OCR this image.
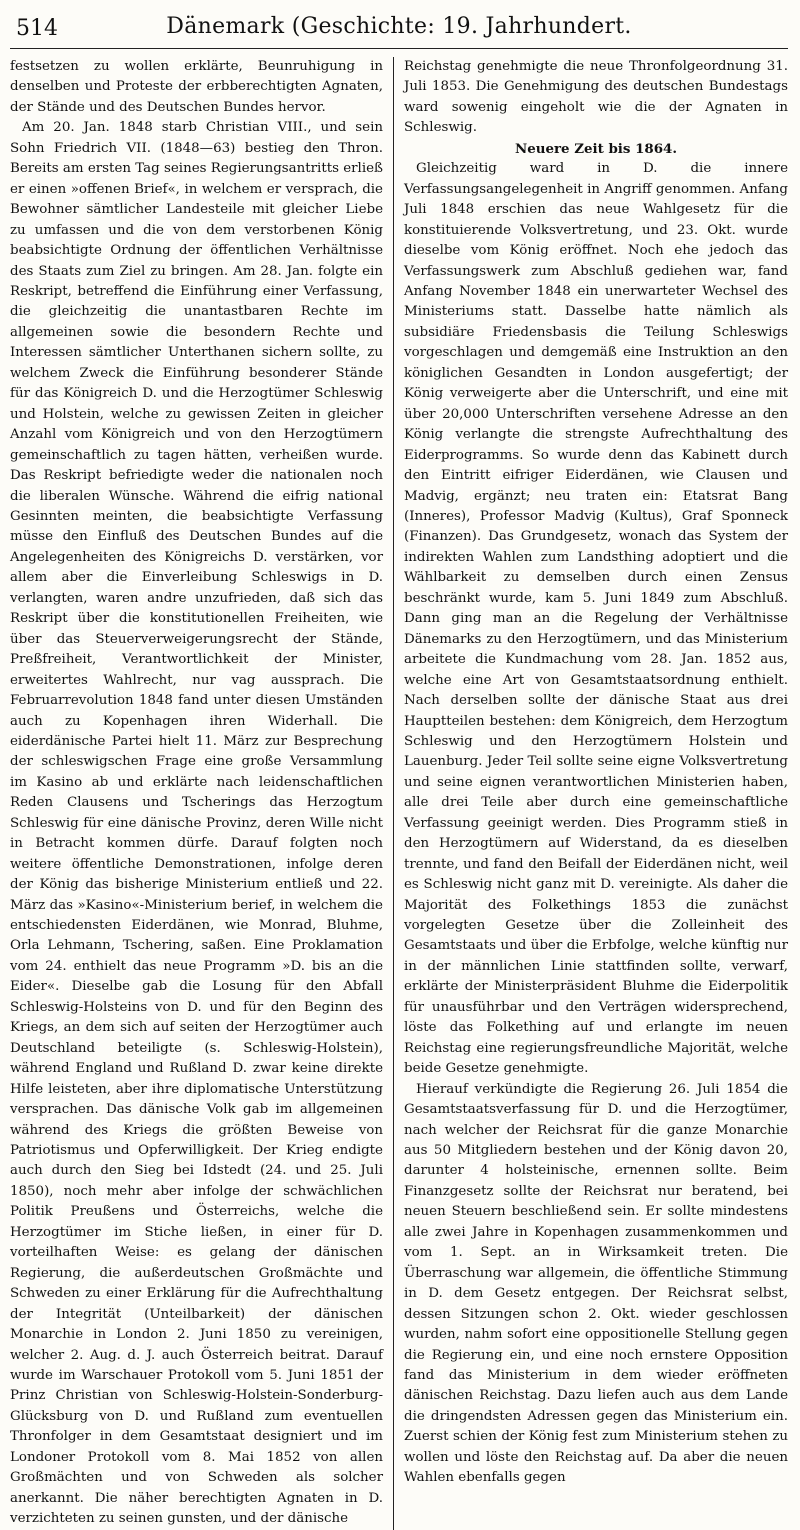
514	Dänemark (Geschichte: 19. Jahrhundert.

festsetzen zu wollen erklärte, Beunruhigung in denselben und Proteste der erbberechtigten Agnaten, der Stände und des Deutschen Bundes hervor.

Am 20. Jan. 1848 starb Christian VIII., und sein Sohn Friedrich VII. (1848—63) bestieg den Thron. Bereits am ersten Tag seines Regierungsantritts erließ er einen »offenen Brief«, in welchem er versprach, die Bewohner sämtlicher Landesteile mit gleicher Liebe zu umfassen und die von dem verstorbenen König beabsichtigte Ordnung der öffentlichen Verhältnisse des Staats zum Ziel zu bringen. Am 28. Jan. folgte ein Reskript, betreffend die Einführung einer Verfassung, die gleichzeitig die unantastbaren Rechte im allgemeinen sowie die besondern Rechte und Interessen sämtlicher Unterthanen sichern sollte, zu welchem Zweck die Einführung besonderer Stände für das Königreich D. und die Herzogtümer Schleswig und Holstein, welche zu gewissen Zeiten in gleicher Anzahl vom Königreich und von den Herzogtümern gemeinschaftlich zu tagen hätten, verheißen wurde. Das Reskript befriedigte weder die nationalen noch die liberalen Wünsche. Während die eifrig national Gesinnten meinten, die beabsichtigte Verfassung müsse den Einfluß des Deutschen Bundes auf die Angelegenheiten des Königreichs D. verstärken, vor allem aber die Einverleibung Schleswigs in D. verlangten, waren andre unzufrieden, daß sich das Reskript über die konstitutionellen Freiheiten, wie über das Steuerverweigerungsrecht der Stände, Preßfreiheit, Verantwortlichkeit der Minister, erweitertes Wahlrecht, nur vag aussprach. Die Februarrevolution 1848 fand unter diesen Umständen auch zu Kopenhagen ihren Widerhall. Die eiderdänische Partei hielt 11. März zur Besprechung der schleswigschen Frage eine große Versammlung im Kasino ab und erklärte nach leidenschaftlichen Reden Clausens und Tscherings das Herzogtum Schleswig für eine dänische Provinz, deren Wille nicht in Betracht kommen dürfe. Darauf folgten noch weitere öffentliche Demonstrationen, infolge deren der König das bisherige Ministerium entließ und 22. März das »Kasino«-Ministerium berief, in welchem die entschiedensten Eiderdänen, wie Monrad, Bluhme, Orla Lehmann, Tschering, saßen. Eine Proklamation vom 24. enthielt das neue Programm »D. bis an die Eider«. Dieselbe gab die Losung für den Abfall Schleswig-Holsteins von D. und für den Beginn des Kriegs, an dem sich auf seiten der Herzogtümer auch Deutschland beteiligte (s. Schleswig-Holstein), während England und Rußland D. zwar keine direkte Hilfe leisteten, aber ihre diplomatische Unterstützung versprachen. Das dänische Volk gab im allgemeinen während des Kriegs die größten Beweise von Patriotismus und Opferwilligkeit. Der Krieg endigte auch durch den Sieg bei Idstedt (24. und 25. Juli 1850), noch mehr aber infolge der schwächlichen Politik Preußens und Österreichs, welche die Herzogtümer im Stiche ließen, in einer für D. vorteilhaften Weise: es gelang der dänischen Regierung, die außerdeutschen Großmächte und Schweden zu einer Erklärung für die Aufrechthaltung der Integrität (Unteilbarkeit) der dänischen Monarchie in London 2. Juni 1850 zu vereinigen, welcher 2. Aug. d. J. auch Österreich beitrat. Darauf wurde im Warschauer Protokoll vom 5. Juni 1851 der Prinz Christian von Schleswig-Holstein-Sonderburg-Glücksburg von D. und Rußland zum eventuellen Thronfolger in dem Gesamtstaat designiert und im Londoner Protokoll vom 8. Mai 1852 von allen Großmächten und von Schweden als solcher anerkannt. Die näher berechtigten Agnaten in D. verzichteten zu seinen gunsten, und der dänische

Reichstag genehmigte die neue Thronfolgeordnung 31. Juli 1853. Die Genehmigung des deutschen Bundestags ward sowenig eingeholt wie die der Agnaten in Schleswig.

Neuere Zeit bis 1864.

Gleichzeitig ward in D. die innere Verfassungsangelegenheit in Angriff genommen. Anfang Juli 1848 erschien das neue Wahlgesetz für die konstituierende Volksvertretung, und 23. Okt. wurde dieselbe vom König eröffnet. Noch ehe jedoch das Verfassungswerk zum Abschluß gediehen war, fand Anfang November 1848 ein unerwarteter Wechsel des Ministeriums statt. Dasselbe hatte nämlich als subsidiäre Friedensbasis die Teilung Schleswigs vorgeschlagen und demgemäß eine Instruktion an den königlichen Gesandten in London ausgefertigt; der König verweigerte aber die Unterschrift, und eine mit über 20,000 Unterschriften versehene Adresse an den König verlangte die strengste Aufrechthaltung des Eiderprogramms. So wurde denn das Kabinett durch den Eintritt eifriger Eiderdänen, wie Clausen und Madvig, ergänzt; neu traten ein: Etatsrat Bang (Inneres), Professor Madvig (Kultus), Graf Sponneck (Finanzen). Das Grundgesetz, wonach das System der indirekten Wahlen zum Landsthing adoptiert und die Wählbarkeit zu demselben durch einen Zensus beschränkt wurde, kam 5. Juni 1849 zum Abschluß. Dann ging man an die Regelung der Verhältnisse Dänemarks zu den Herzogtümern, und das Ministerium arbeitete die Kundmachung vom 28. Jan. 1852 aus, welche eine Art von Gesamtstaatsordnung enthielt. Nach derselben sollte der dänische Staat aus drei Hauptteilen bestehen: dem Königreich, dem Herzogtum Schleswig und den Herzogtümern Holstein und Lauenburg. Jeder Teil sollte seine eigne Volksvertretung und seine eignen verantwortlichen Ministerien haben, alle drei Teile aber durch eine gemeinschaftliche Verfassung geeinigt werden. Dies Programm stieß in den Herzogtümern auf Widerstand, da es dieselben trennte, und fand den Beifall der Eiderdänen nicht, weil es Schleswig nicht ganz mit D. vereinigte. Als daher die Majorität des Folkethings 1853 die zunächst vorgelegten Gesetze über die Zolleinheit des Gesamtstaats und über die Erbfolge, welche künftig nur in der männlichen Linie stattfinden sollte, verwarf, erklärte der Ministerpräsident Bluhme die Eiderpolitik für unausführbar und den Verträgen widersprechend, löste das Folkething auf und erlangte im neuen Reichstag eine regierungsfreundliche Majorität, welche beide Gesetze genehmigte.

Hierauf verkündigte die Regierung 26. Juli 1854 die Gesamtstaatsverfassung für D. und die Herzogtümer, nach welcher der Reichsrat für die ganze Monarchie aus 50 Mitgliedern bestehen und der König davon 20, darunter 4 holsteinische, ernennen sollte. Beim Finanzgesetz sollte der Reichsrat nur beratend, bei neuen Steuern beschließend sein. Er sollte mindestens alle zwei Jahre in Kopenhagen zusammenkommen und vom 1. Sept. an in Wirksamkeit treten. Die Überraschung war allgemein, die öffentliche Stimmung in D. dem Gesetz entgegen. Der Reichsrat selbst, dessen Sitzungen schon 2. Okt. wieder geschlossen wurden, nahm sofort eine oppositionelle Stellung gegen die Regierung ein, und eine noch ernstere Opposition fand das Ministerium in dem wieder eröffneten dänischen Reichstag. Dazu liefen auch aus dem Lande die dringendsten Adressen gegen das Ministerium ein. Zuerst schien der König fest zum Ministerium stehen zu wollen und löste den Reichstag auf. Da aber die neuen Wahlen ebenfalls gegen
